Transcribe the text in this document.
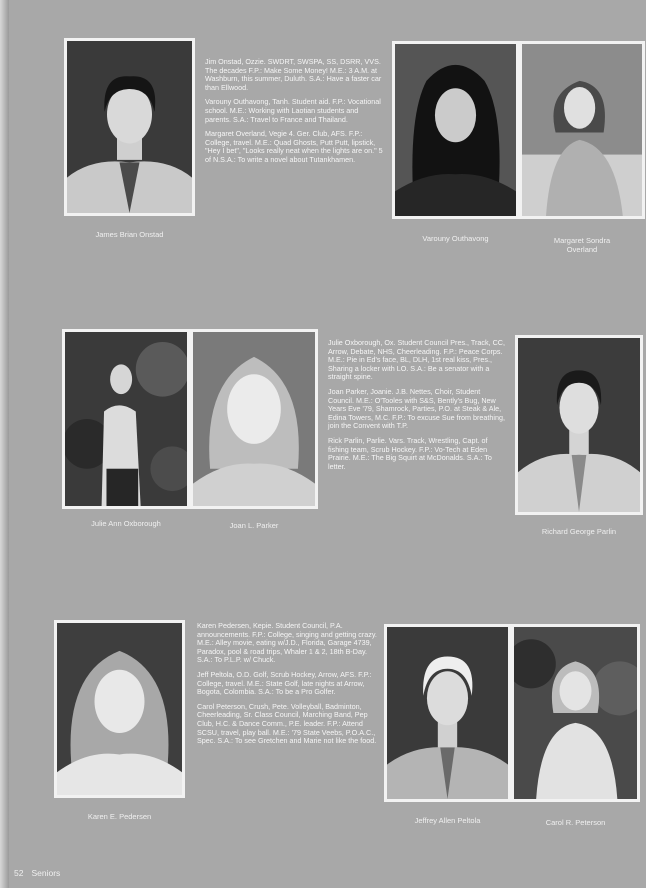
James Brian Onstad

Jim Onstad, Ozzie. SWDRT, SWSPA, SS, DSRR, VVS. The decades F.P.: Make Some Money! M.E.: 3 A.M. at Washburn, this summer, Duluth. S.A.: Have a faster car than Ellwood.

Varouny Outhavong, Tanh. Student aid. F.P.: Vocational school. M.E.: Working with Laotian students and parents. S.A.: Travel to France and Thailand.

Margaret Overland, Vegie 4. Ger. Club, AFS. F.P.: College, travel. M.E.: Quad Ghosts, Putt Putt, lipstick, "Hey I bet", "Looks really neat when the lights are on." 5 of N.S.A.: To write a novel about Tutankhamen.

Varouny Outhavong	Margaret Sondra
Overland
Julie Ann Oxborough	Joan L. Parker

Julie Oxborough, Ox. Student Council Pres., Track, CC, Arrow, Debate, NHS, Cheerleading. F.P.: Peace Corps. M.E.: Pie in Ed's face, BL, DLH, 1st real kiss, Pres., Sharing a locker with LO. S.A.: Be a senator with a straight spine.

Joan Parker, Joanie. J.B. Nettes, Choir, Student Council. M.E.: O'Tooles with S&S, Bently's Bug, New Years Eve '79, Shamrock, Parties, P.O. at Steak & Ale, Edina Towers, M.C. F.P.: To excuse Sue from breathing, join the Convent with T.P.

Rick Parlin, Parlie. Vars. Track, Wrestling, Capt. of fishing team, Scrub Hockey. F.P.: Vo-Tech at Eden Prairie. M.E.: The Big Squirt at McDonalds. S.A.: To letter.

Richard George Parlin
Karen E. Pedersen

Karen Pedersen, Kepie. Student Council, P.A. announcements. F.P.: College, singing and getting crazy. M.E.: Alley movie, eating w/J.D., Florida, Garage 4739, Paradox, pool & road trips, Whaler 1 & 2, 18th B-Day. S.A.: To P.L.P. w/ Chuck.

Jeff Peltola, O.D. Golf, Scrub Hockey, Arrow, AFS. F.P.: College, travel. M.E.: State Golf, late nights at Arrow, Bogota, Colombia. S.A.: To be a Pro Golfer.

Carol Peterson, Crush, Pete. Volleyball, Badminton, Cheerleading, Sr. Class Council, Marching Band, Pep Club, H.C. & Dance Comm., P.E. leader. F.P.: Attend SCSU, travel, play ball. M.E.: '79 State Veebs, P.O.A.C., Spec. S.A.: To see Gretchen and Marie not like the food.

Jeffrey Allen Peltola	Carol R. Peterson
52 Seniors
